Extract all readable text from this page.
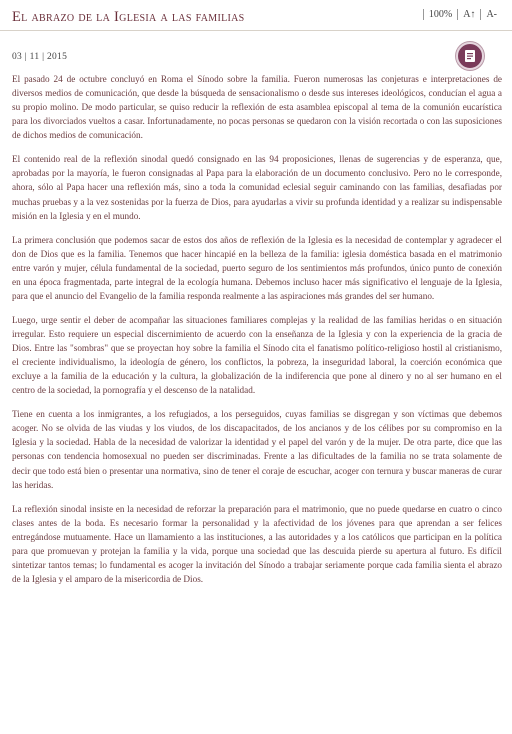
El abrazo de la Iglesia a las familias	100% A↑ A-
03 | 11 | 2015

El pasado 24 de octubre concluyó en Roma el Sínodo sobre la familia. Fueron numerosas las conjeturas e interpretaciones de diversos medios de comunicación, que desde la búsqueda de sensacionalismo o desde sus intereses ideológicos, conducían el agua a su propio molino. De modo particular, se quiso reducir la reflexión de esta asamblea episcopal al tema de la comunión eucarística para los divorciados vueltos a casar. Infortunadamente, no pocas personas se quedaron con la visión recortada o con las suposiciones de dichos medios de comunicación.

El contenido real de la reflexión sinodal quedó consignado en las 94 proposiciones, llenas de sugerencias y de esperanza, que, aprobadas por la mayoría, le fueron consignadas al Papa para la elaboración de un documento conclusivo. Pero no le corresponde, ahora, sólo al Papa hacer una reflexión más, sino a toda la comunidad eclesial seguir caminando con las familias, desafiadas por muchas pruebas y a la vez sostenidas por la fuerza de Dios, para ayudarlas a vivir su profunda identidad y a realizar su indispensable misión en la Iglesia y en el mundo.

La primera conclusión que podemos sacar de estos dos años de reflexión de la Iglesia es la necesidad de contemplar y agradecer el don de Dios que es la familia. Tenemos que hacer hincapié en la belleza de la familia: iglesia doméstica basada en el matrimonio entre varón y mujer, célula fundamental de la sociedad, puerto seguro de los sentimientos más profundos, único punto de conexión en una época fragmentada, parte integral de la ecología humana. Debemos incluso hacer más significativo el lenguaje de la Iglesia, para que el anuncio del Evangelio de la familia responda realmente a las aspiraciones más grandes del ser humano.

Luego, urge sentir el deber de acompañar las situaciones familiares complejas y la realidad de las familias heridas o en situación irregular. Esto requiere un especial discernimiento de acuerdo con la enseñanza de la Iglesia y con la experiencia de la gracia de Dios. Entre las "sombras" que se proyectan hoy sobre la familia el Sínodo cita el fanatismo político-religioso hostil al cristianismo, el creciente individualismo, la ideología de género, los conflictos, la pobreza, la inseguridad laboral, la coerción económica que excluye a la familia de la educación y la cultura, la globalización de la indiferencia que pone al dinero y no al ser humano en el centro de la sociedad, la pornografía y el descenso de la natalidad.

Tiene en cuenta a los inmigrantes, a los refugiados, a los perseguidos, cuyas familias se disgregan y son víctimas que debemos acoger. No se olvida de las viudas y los viudos, de los discapacitados, de los ancianos y de los célibes por su compromiso en la Iglesia y la sociedad. Habla de la necesidad de valorizar la identidad y el papel del varón y de la mujer. De otra parte, dice que las personas con tendencia homosexual no pueden ser discriminadas. Frente a las dificultades de la familia no se trata solamente de decir que todo está bien o presentar una normativa, sino de tener el coraje de escuchar, acoger con ternura y buscar maneras de curar las heridas.

La reflexión sinodal insiste en la necesidad de reforzar la preparación para el matrimonio, que no puede quedarse en cuatro o cinco clases antes de la boda. Es necesario formar la personalidad y la afectividad de los jóvenes para que aprendan a ser felices entregándose mutuamente. Hace un llamamiento a las instituciones, a las autoridades y a los católicos que participan en la política para que promuevan y protejan la familia y la vida, porque una sociedad que las descuida pierde su apertura al futuro. Es difícil sintetizar tantos temas; lo fundamental es acoger la invitación del Sínodo a trabajar seriamente porque cada familia sienta el abrazo de la Iglesia y el amparo de la misericordia de Dios.
